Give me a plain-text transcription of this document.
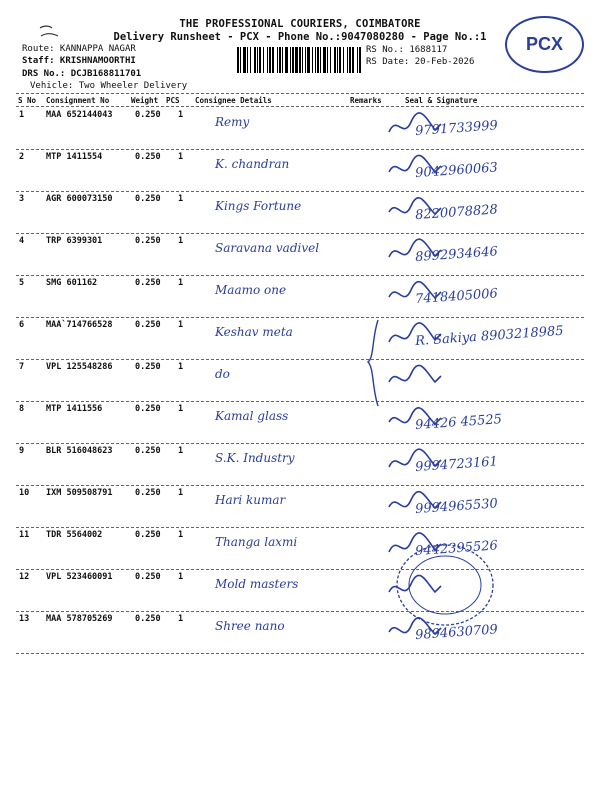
THE PROFESSIONAL COURIERS, COIMBATORE
Delivery Runsheet - PCX - Phone No.:9047080280 - Page No.:1
Route: KANNAPPA NAGAR
Staff: KRISHNAMOORTHI
DRS No.: DCJB168811701
Vehicle: Two Wheeler Delivery
RS No.: 1688117
RS Date: 20-Feb-2026
PCX
S No Consignment No	Weight PCS Consignee Details	Remarks	Seal & Signature
1	MAA 652144043	0.250 1	Remy	9791733999
2	MTP 1411554	0.250 1	K. chandran	9042960063
3	AGR 600073150	0.250 1	Kings Fortune	8220078828
4	TRP 6399301	0.250 1	Saravana vadivel	8992934646
5	SMG 601162	0.250 1	Maamo one	7418405006
6	MAA`714766528	0.250 1	Keshav meta	R. Sakiya 8903218985
7	VPL 125548286	0.250 1	do
8	MTP 1411556	0.250 1	Kamal glass	94426 45525
9	BLR 516048623	0.250 1	S.K. Industry	9994723161
10 IXM 509508791	0.250 1	Hari kumar	9994965530
11 TDR 5564002	0.250 1	Thanga laxmi	9442395526
12 VPL 523460091	0.250 1	Mold masters
13 MAA 578705269	0.250 1	Shree nano	9894630709
